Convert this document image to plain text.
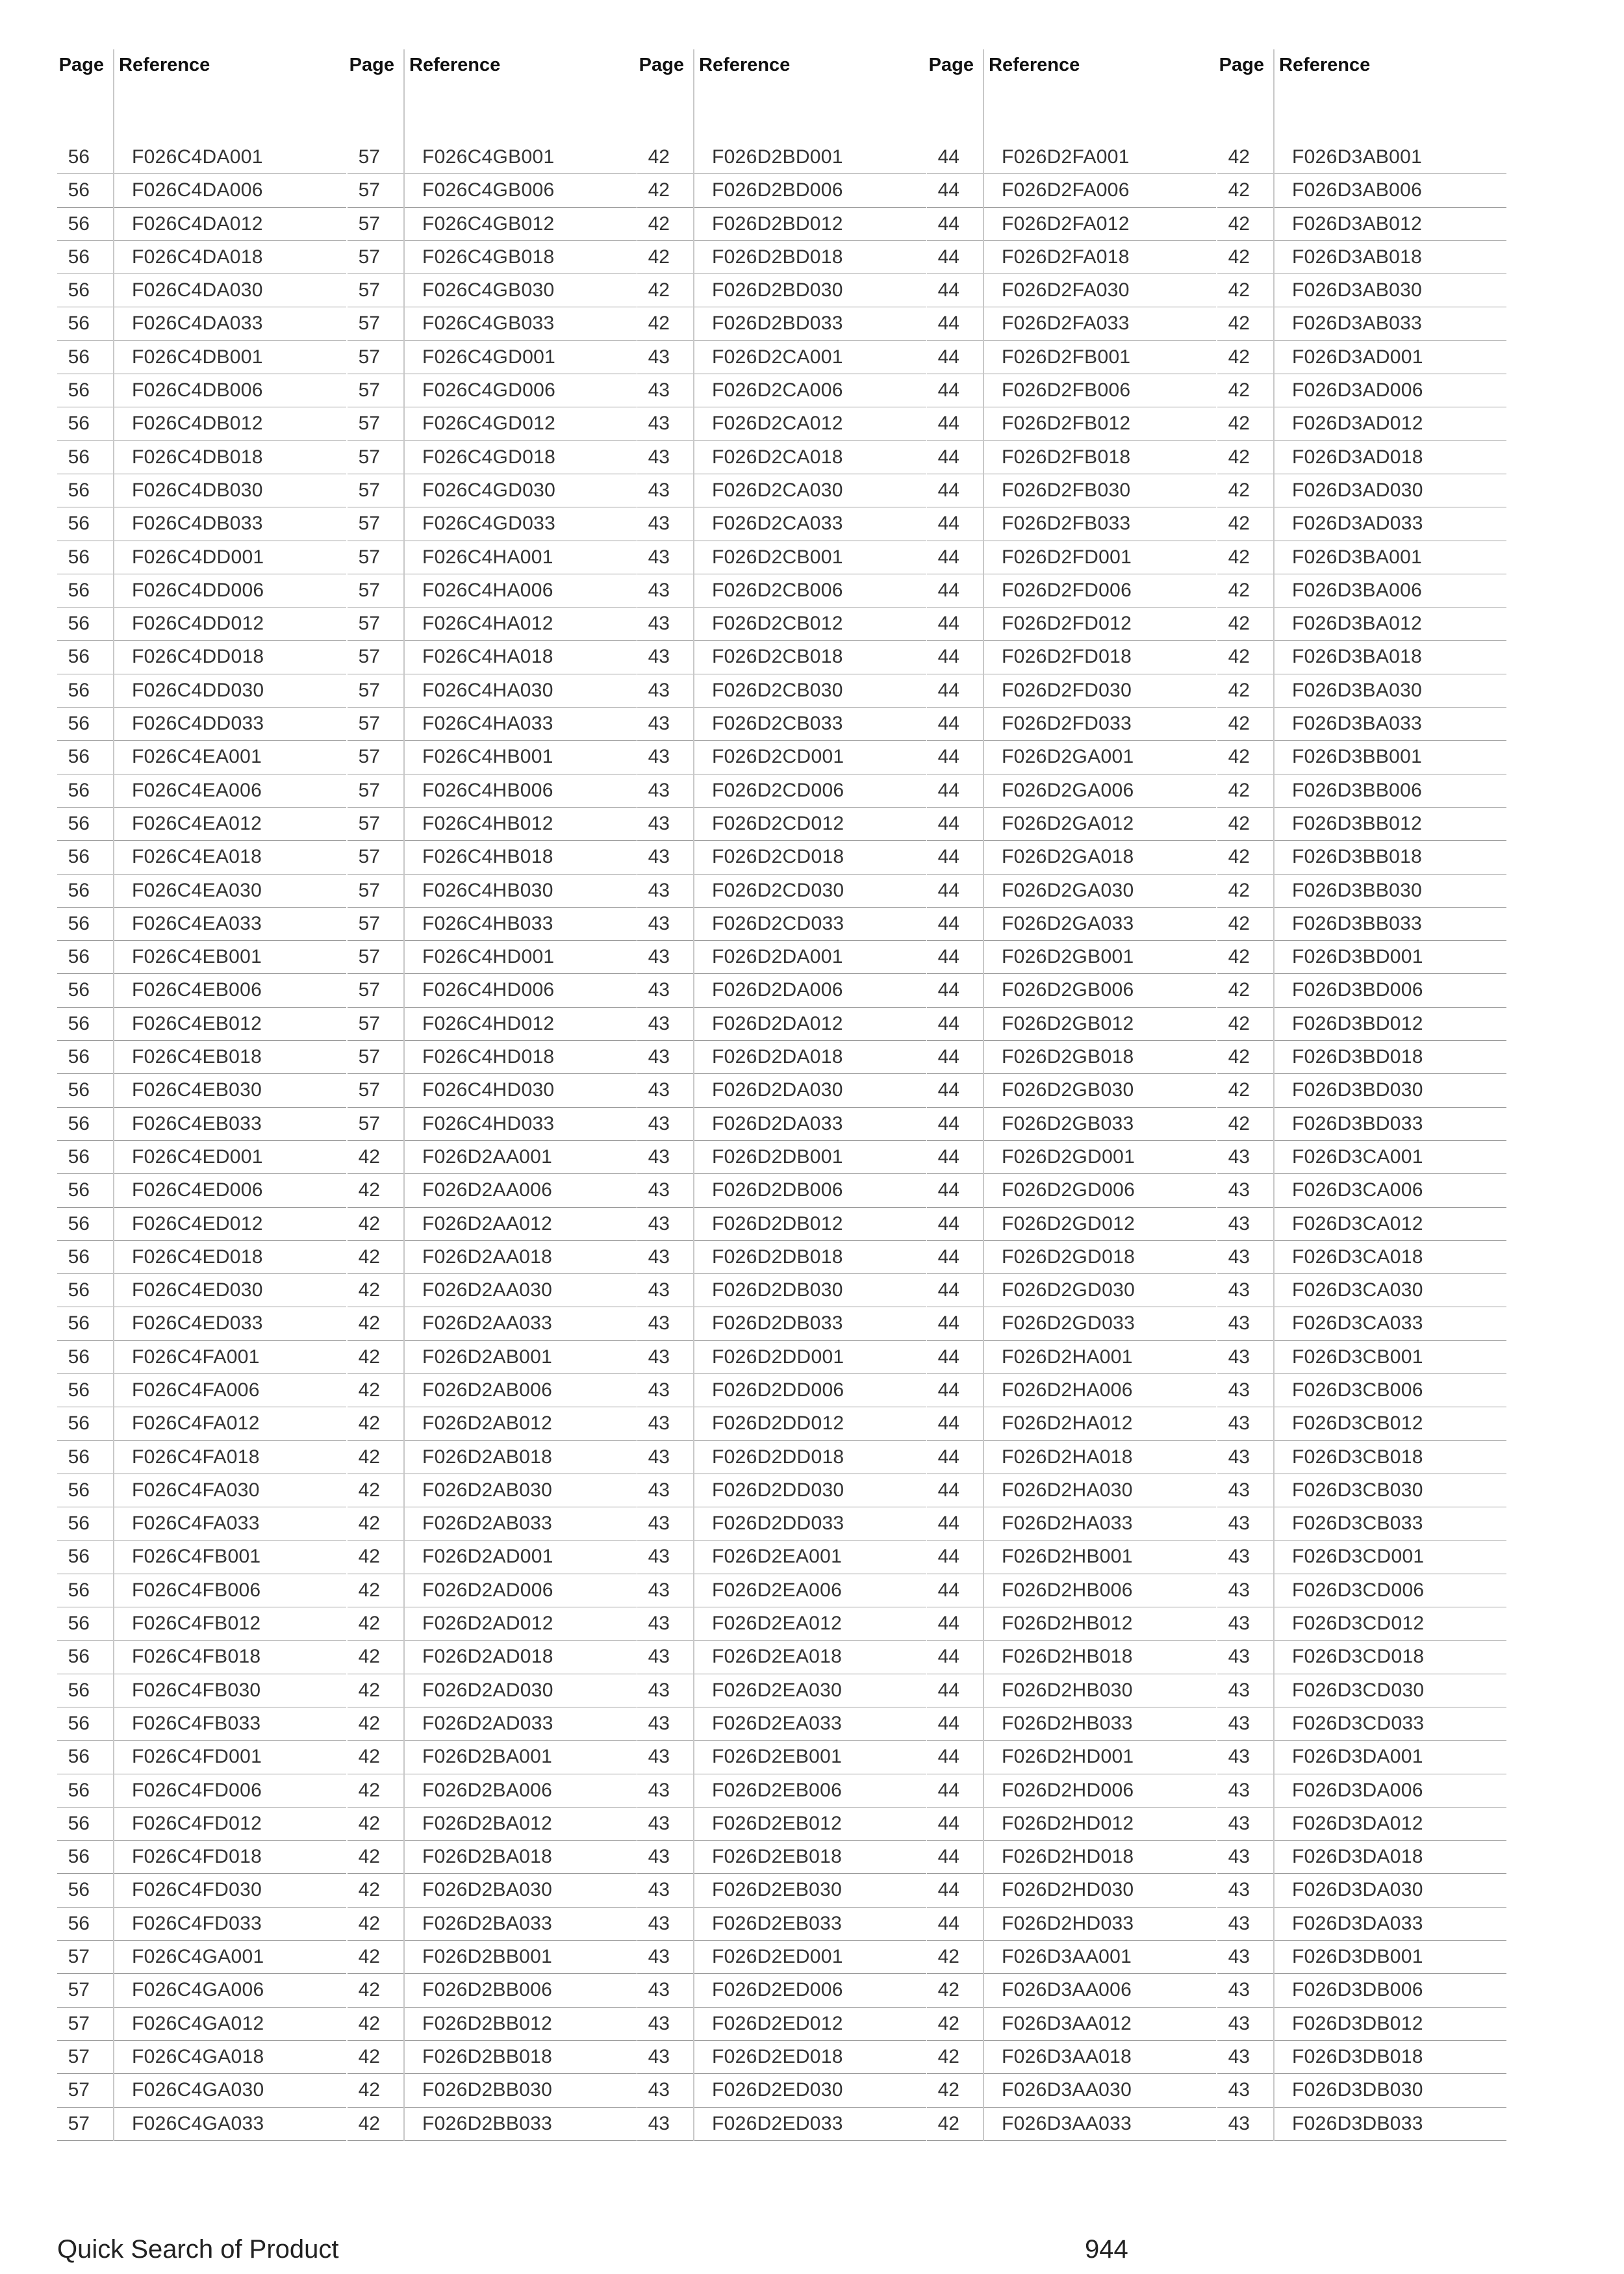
Page Reference
56 F026C4DA001
56 F026C4DA006
56 F026C4DA012
56 F026C4DA018
56 F026C4DA030
56 F026C4DA033
56 F026C4DB001
56 F026C4DB006
56 F026C4DB012
56 F026C4DB018
56 F026C4DB030
56 F026C4DB033
56 F026C4DD001
56 F026C4DD006
56 F026C4DD012
56 F026C4DD018
56 F026C4DD030
56 F026C4DD033
56 F026C4EA001
56 F026C4EA006
56 F026C4EA012
56 F026C4EA018
56 F026C4EA030
56 F026C4EA033
56 F026C4EB001
56 F026C4EB006
56 F026C4EB012
56 F026C4EB018
56 F026C4EB030
56 F026C4EB033
56 F026C4ED001
56 F026C4ED006
56 F026C4ED012
56 F026C4ED018
56 F026C4ED030
56 F026C4ED033
56 F026C4FA001
56 F026C4FA006
56 F026C4FA012
56 F026C4FA018
56 F026C4FA030
56 F026C4FA033
56 F026C4FB001
56 F026C4FB006
56 F026C4FB012
56 F026C4FB018
56 F026C4FB030
56 F026C4FB033
56 F026C4FD001
56 F026C4FD006
56 F026C4FD012
56 F026C4FD018
56 F026C4FD030
56 F026C4FD033
57 F026C4GA001
57 F026C4GA006
57 F026C4GA012
57 F026C4GA018
57 F026C4GA030
57 F026C4GA033
Page Reference
57 F026C4GB001
57 F026C4GB006
57 F026C4GB012
57 F026C4GB018
57 F026C4GB030
57 F026C4GB033
57 F026C4GD001
57 F026C4GD006
57 F026C4GD012
57 F026C4GD018
57 F026C4GD030
57 F026C4GD033
57 F026C4HA001
57 F026C4HA006
57 F026C4HA012
57 F026C4HA018
57 F026C4HA030
57 F026C4HA033
57 F026C4HB001
57 F026C4HB006
57 F026C4HB012
57 F026C4HB018
57 F026C4HB030
57 F026C4HB033
57 F026C4HD001
57 F026C4HD006
57 F026C4HD012
57 F026C4HD018
57 F026C4HD030
57 F026C4HD033
42 F026D2AA001
42 F026D2AA006
42 F026D2AA012
42 F026D2AA018
42 F026D2AA030
42 F026D2AA033
42 F026D2AB001
42 F026D2AB006
42 F026D2AB012
42 F026D2AB018
42 F026D2AB030
42 F026D2AB033
42 F026D2AD001
42 F026D2AD006
42 F026D2AD012
42 F026D2AD018
42 F026D2AD030
42 F026D2AD033
42 F026D2BA001
42 F026D2BA006
42 F026D2BA012
42 F026D2BA018
42 F026D2BA030
42 F026D2BA033
42 F026D2BB001
42 F026D2BB006
42 F026D2BB012
42 F026D2BB018
42 F026D2BB030
42 F026D2BB033
Page Reference
42 F026D2BD001
42 F026D2BD006
42 F026D2BD012
42 F026D2BD018
42 F026D2BD030
42 F026D2BD033
43 F026D2CA001
43 F026D2CA006
43 F026D2CA012
43 F026D2CA018
43 F026D2CA030
43 F026D2CA033
43 F026D2CB001
43 F026D2CB006
43 F026D2CB012
43 F026D2CB018
43 F026D2CB030
43 F026D2CB033
43 F026D2CD001
43 F026D2CD006
43 F026D2CD012
43 F026D2CD018
43 F026D2CD030
43 F026D2CD033
43 F026D2DA001
43 F026D2DA006
43 F026D2DA012
43 F026D2DA018
43 F026D2DA030
43 F026D2DA033
43 F026D2DB001
43 F026D2DB006
43 F026D2DB012
43 F026D2DB018
43 F026D2DB030
43 F026D2DB033
43 F026D2DD001
43 F026D2DD006
43 F026D2DD012
43 F026D2DD018
43 F026D2DD030
43 F026D2DD033
43 F026D2EA001
43 F026D2EA006
43 F026D2EA012
43 F026D2EA018
43 F026D2EA030
43 F026D2EA033
43 F026D2EB001
43 F026D2EB006
43 F026D2EB012
43 F026D2EB018
43 F026D2EB030
43 F026D2EB033
43 F026D2ED001
43 F026D2ED006
43 F026D2ED012
43 F026D2ED018
43 F026D2ED030
43 F026D2ED033
Page Reference
44 F026D2FA001
44 F026D2FA006
44 F026D2FA012
44 F026D2FA018
44 F026D2FA030
44 F026D2FA033
44 F026D2FB001
44 F026D2FB006
44 F026D2FB012
44 F026D2FB018
44 F026D2FB030
44 F026D2FB033
44 F026D2FD001
44 F026D2FD006
44 F026D2FD012
44 F026D2FD018
44 F026D2FD030
44 F026D2FD033
44 F026D2GA001
44 F026D2GA006
44 F026D2GA012
44 F026D2GA018
44 F026D2GA030
44 F026D2GA033
44 F026D2GB001
44 F026D2GB006
44 F026D2GB012
44 F026D2GB018
44 F026D2GB030
44 F026D2GB033
44 F026D2GD001
44 F026D2GD006
44 F026D2GD012
44 F026D2GD018
44 F026D2GD030
44 F026D2GD033
44 F026D2HA001
44 F026D2HA006
44 F026D2HA012
44 F026D2HA018
44 F026D2HA030
44 F026D2HA033
44 F026D2HB001
44 F026D2HB006
44 F026D2HB012
44 F026D2HB018
44 F026D2HB030
44 F026D2HB033
44 F026D2HD001
44 F026D2HD006
44 F026D2HD012
44 F026D2HD018
44 F026D2HD030
44 F026D2HD033
42 F026D3AA001
42 F026D3AA006
42 F026D3AA012
42 F026D3AA018
42 F026D3AA030
42 F026D3AA033
Page Reference
42 F026D3AB001
42 F026D3AB006
42 F026D3AB012
42 F026D3AB018
42 F026D3AB030
42 F026D3AB033
42 F026D3AD001
42 F026D3AD006
42 F026D3AD012
42 F026D3AD018
42 F026D3AD030
42 F026D3AD033
42 F026D3BA001
42 F026D3BA006
42 F026D3BA012
42 F026D3BA018
42 F026D3BA030
42 F026D3BA033
42 F026D3BB001
42 F026D3BB006
42 F026D3BB012
42 F026D3BB018
42 F026D3BB030
42 F026D3BB033
42 F026D3BD001
42 F026D3BD006
42 F026D3BD012
42 F026D3BD018
42 F026D3BD030
42 F026D3BD033
43 F026D3CA001
43 F026D3CA006
43 F026D3CA012
43 F026D3CA018
43 F026D3CA030
43 F026D3CA033
43 F026D3CB001
43 F026D3CB006
43 F026D3CB012
43 F026D3CB018
43 F026D3CB030
43 F026D3CB033
43 F026D3CD001
43 F026D3CD006
43 F026D3CD012
43 F026D3CD018
43 F026D3CD030
43 F026D3CD033
43 F026D3DA001
43 F026D3DA006
43 F026D3DA012
43 F026D3DA018
43 F026D3DA030
43 F026D3DA033
43 F026D3DB001
43 F026D3DB006
43 F026D3DB012
43 F026D3DB018
43 F026D3DB030
43 F026D3DB033
Quick Search of Product	944
